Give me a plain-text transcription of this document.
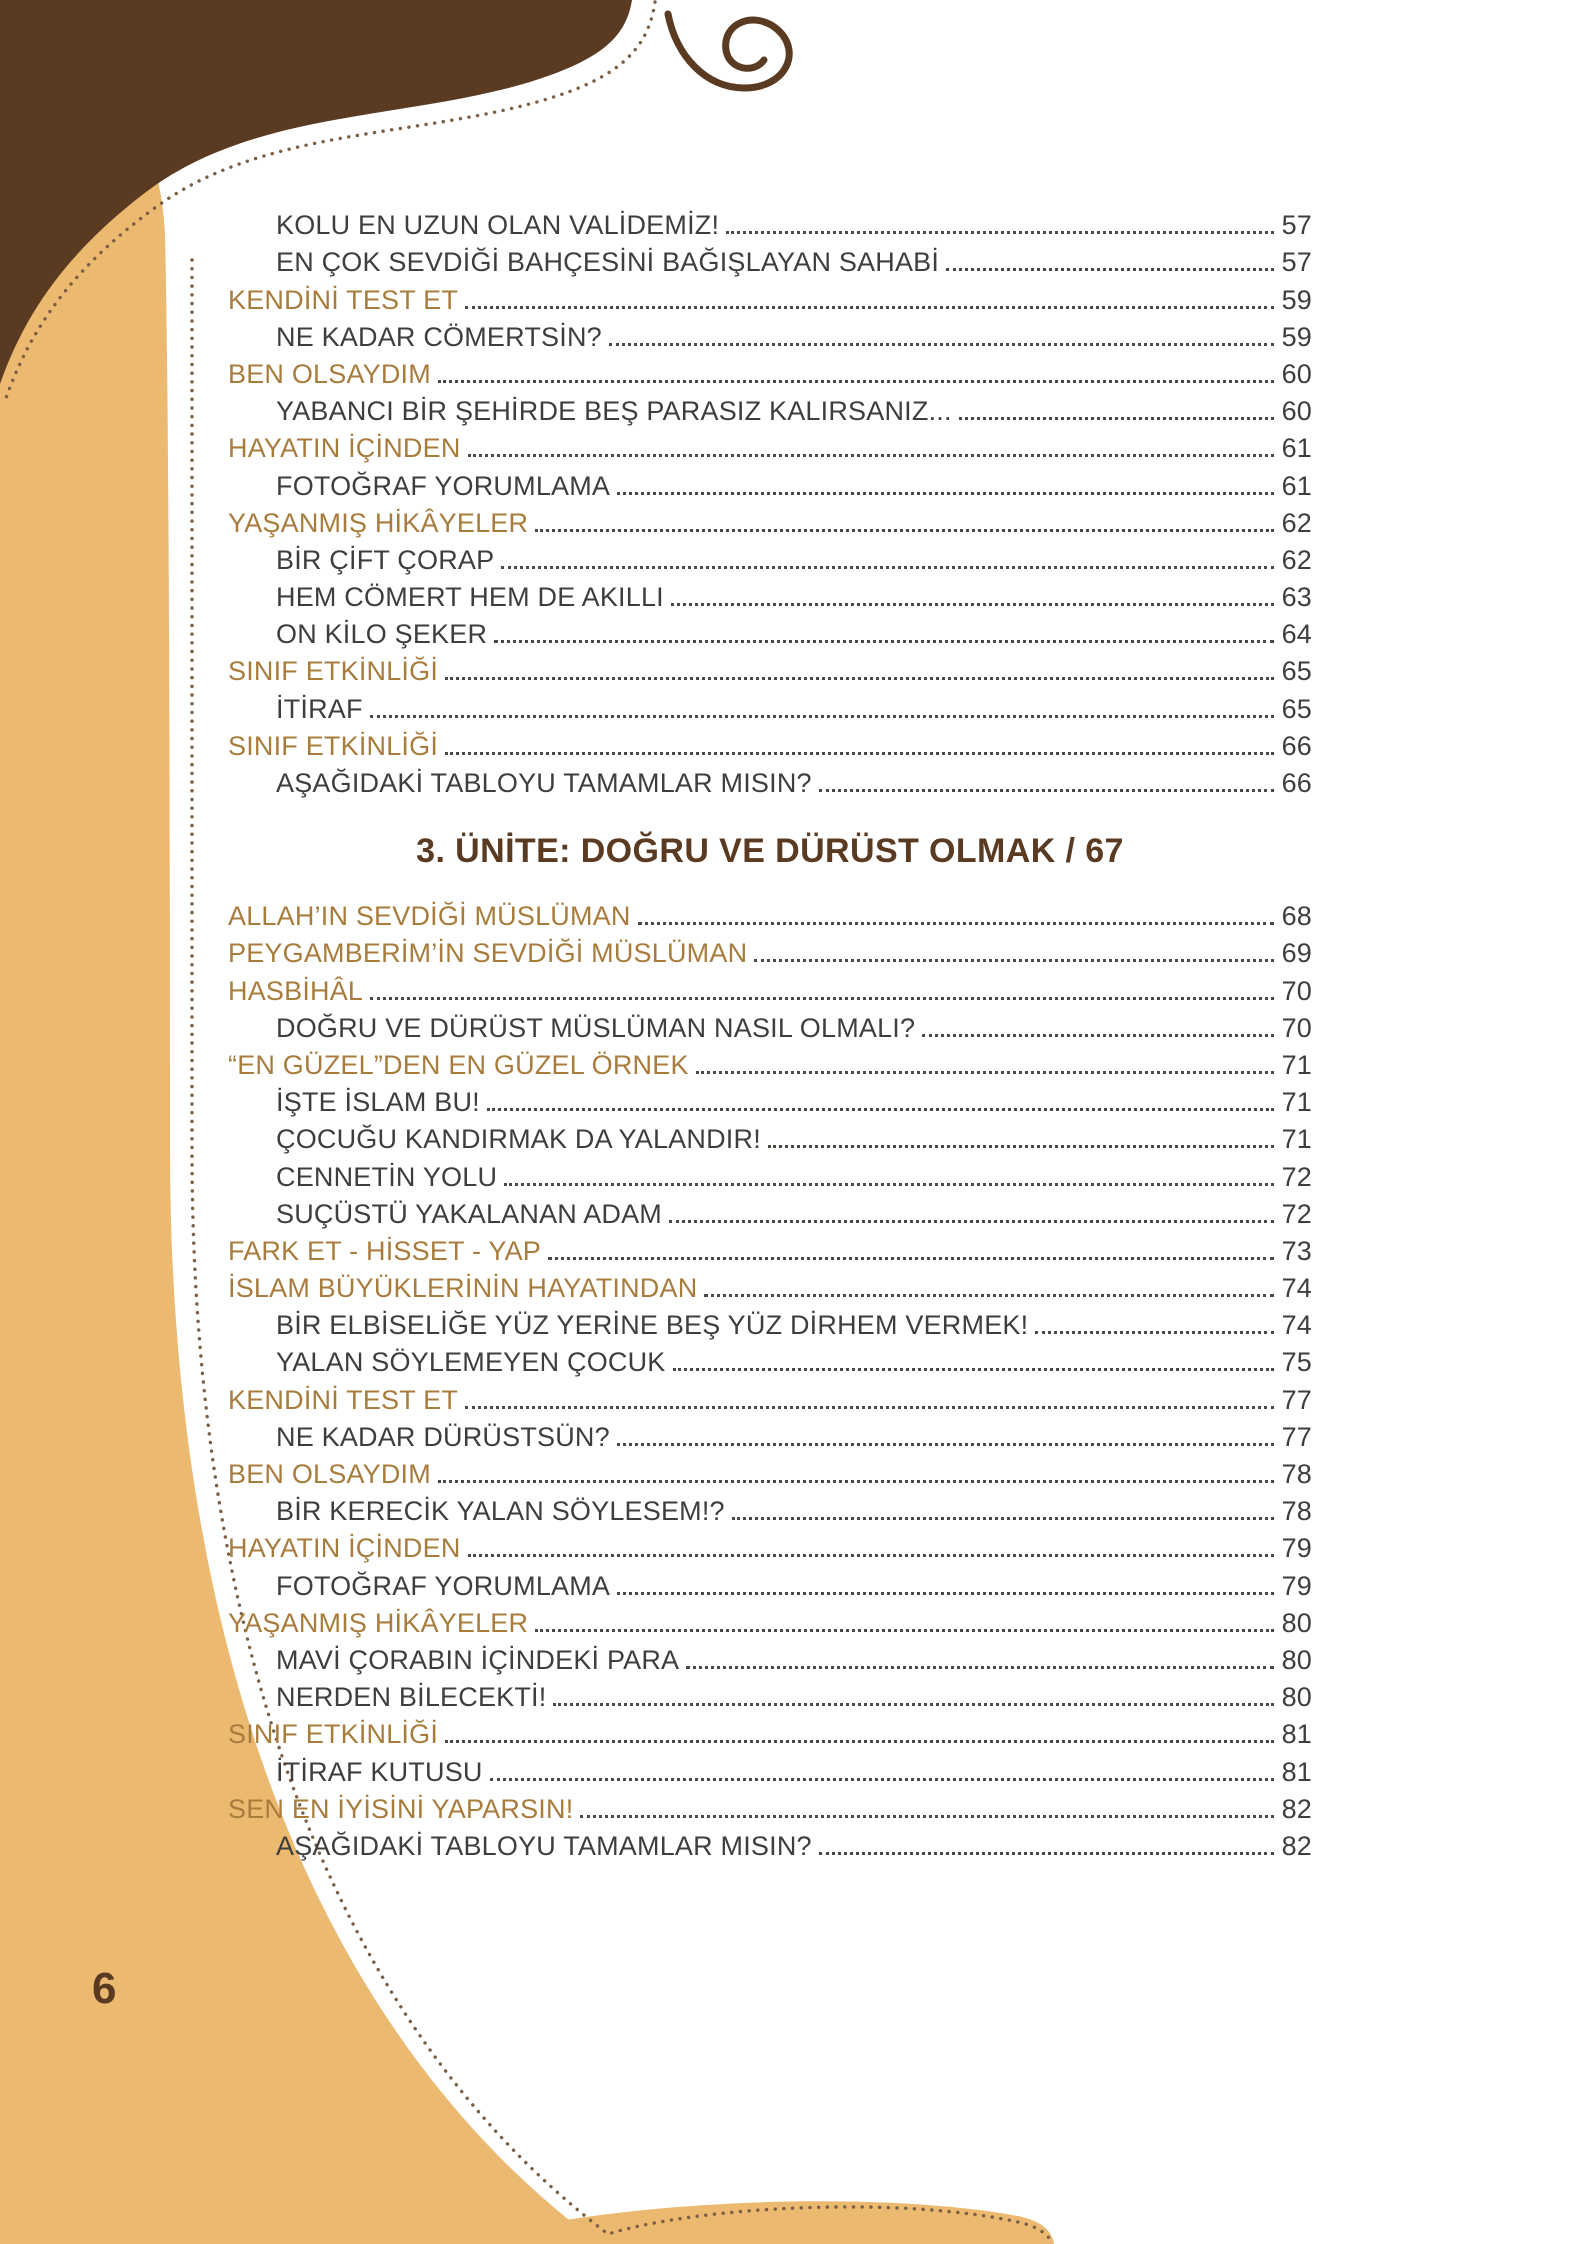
KOLU EN UZUN OLAN VALİDEMİZ!	57
EN ÇOK SEVDİĞİ BAHÇESİNİ BAĞIŞLAYAN SAHABİ	57
KENDİNİ TEST ET	59
NE KADAR CÖMERTSİN?	59
BEN OLSAYDIM	60
YABANCI BİR ŞEHİRDE BEŞ PARASIZ KALIRSANIZ...	60
HAYATIN İÇİNDEN	61
FOTOĞRAF YORUMLAMA	61
YAŞANMIŞ HİKÂYELER	62
BİR ÇİFT ÇORAP	62
HEM CÖMERT HEM DE AKILLI	63
ON KİLO ŞEKER	64
SINIF ETKİNLİĞİ	65
İTİRAF	65
SINIF ETKİNLİĞİ	66
AŞAĞIDAKİ TABLOYU TAMAMLAR MISIN?	66
3. ÜNİTE: DOĞRU VE DÜRÜST OLMAK / 67
ALLAH’IN SEVDİĞİ MÜSLÜMAN	68
PEYGAMBERİM’İN SEVDİĞİ MÜSLÜMAN	69
HASBİHÂL	70
DOĞRU VE DÜRÜST MÜSLÜMAN NASIL OLMALI?	70
“EN GÜZEL”DEN EN GÜZEL ÖRNEK	71
İŞTE İSLAM BU!	71
ÇOCUĞU KANDIRMAK DA YALANDIR!	71
CENNETİN YOLU	72
SUÇÜSTÜ YAKALANAN ADAM	72
FARK ET - HİSSET - YAP	73
İSLAM BÜYÜKLERİNİN HAYATINDAN	74
BİR ELBİSELİĞE YÜZ YERİNE BEŞ YÜZ DİRHEM VERMEK!	74
YALAN SÖYLEMEYEN ÇOCUK	75
KENDİNİ TEST ET	77
NE KADAR DÜRÜSTSÜN?	77
BEN OLSAYDIM	78
BİR KERECİK YALAN SÖYLESEM!?	78
HAYATIN İÇİNDEN	79
FOTOĞRAF YORUMLAMA	79
YAŞANMIŞ HİKÂYELER	80
MAVİ ÇORABIN İÇİNDEKİ PARA	80
NERDEN BİLECEKTİ!	80
SINIF ETKİNLİĞİ	81
İTİRAF KUTUSU	81
SEN EN İYİSİNİ YAPARSIN!	82
AŞAĞIDAKİ TABLOYU TAMAMLAR MISIN?	82
6
